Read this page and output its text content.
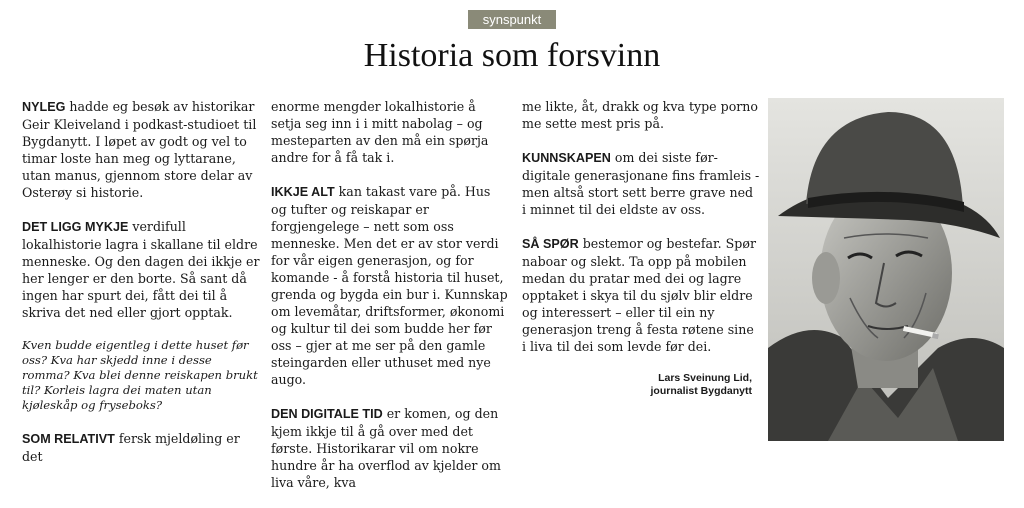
synspunkt
Historia som forsvinn

NYLEG hadde eg besøk av historikar Geir Kleiveland i podkast-studioet til Bygdanytt. I løpet av godt og vel to timar loste han meg og lyttarane, utan manus, gjennom store delar av Osterøy si historie.

DET LIGG MYKJE verdifull lokalhistorie lagra i skallane til eldre menneske. Og den dagen dei ikkje er her lenger er den borte. Så sant då ingen har spurt dei, fått dei til å skriva det ned eller gjort opptak.

Kven budde eigentleg i dette huset før oss? Kva har skjedd inne i desse romma? Kva blei denne reiskapen brukt til? Korleis lagra dei maten utan kjøleskåp og fryseboks?

SOM RELATIVT fersk mjeldøling er det

enorme mengder lokalhistorie å setja seg inn i i mitt nabolag – og mesteparten av den må ein spørja andre for å få tak i.

IKKJE ALT kan takast vare på. Hus og tufter og reiskapar er forgjengelege – nett som oss menneske. Men det er av stor verdi for vår eigen generasjon, og for komande - å forstå historia til huset, grenda og bygda ein bur i. Kunnskap om levemåtar, driftsformer, økonomi og kultur til dei som budde her før oss – gjer at me ser på den gamle steingarden eller uthuset med nye augo.

DEN DIGITALE TID er komen, og den kjem ikkje til å gå over med det første. Historikarar vil om nokre hundre år ha overflod av kjelder om liva våre, kva

me likte, åt, drakk og kva type porno me sette mest pris på.

KUNNSKAPEN om dei siste før-digitale generasjonane fins framleis - men altså stort sett berre grave ned i minnet til dei eldste av oss.

SÅ SPØR bestemor og bestefar. Spør naboar og slekt. Ta opp på mobilen medan du pratar med dei og lagre opptaket i skya til du sjølv blir eldre og interessert – eller til ein ny generasjon treng å festa røtene sine i liva til dei som levde før dei.

Lars Sveinung Lid,
journalist Bygdanytt
